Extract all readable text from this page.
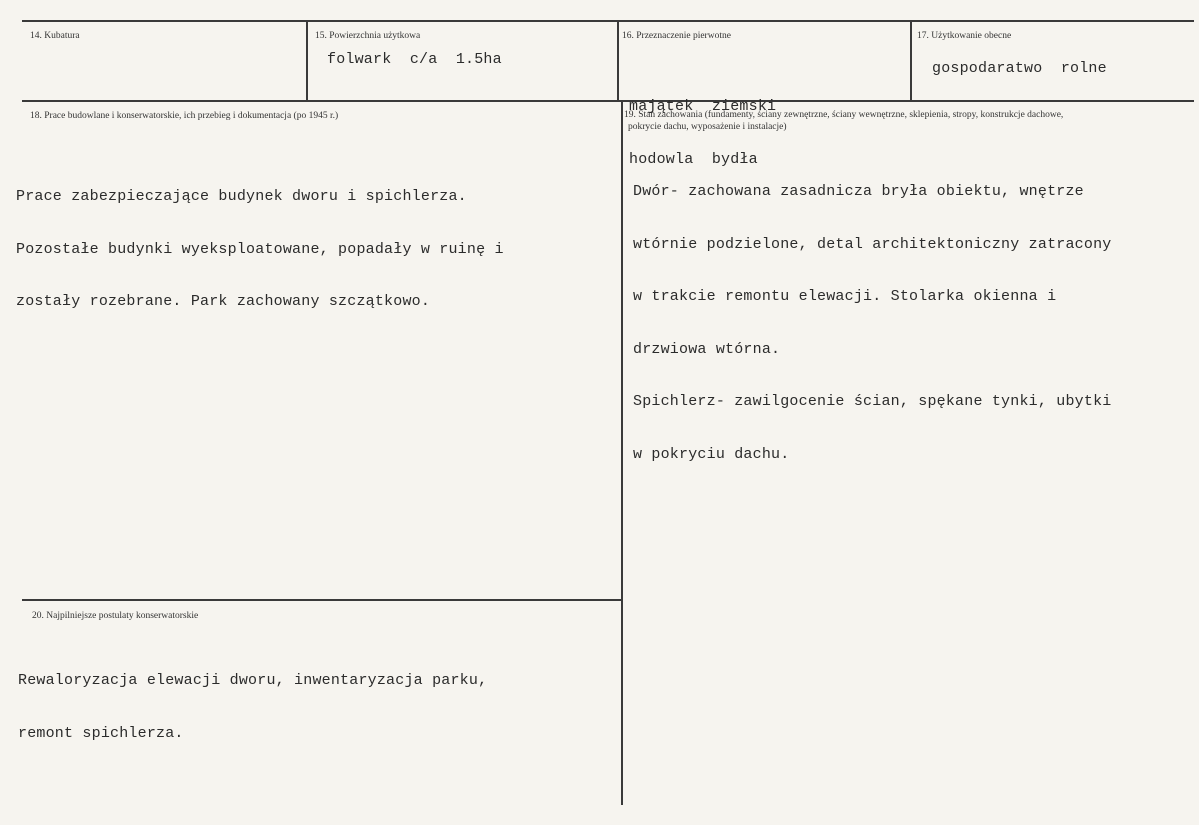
14. Kubatura	15. Powierzchnia użytkowa
folwark  c/a  1.5ha
16. Przeznaczenie pierwotne

majątek  ziemski

hodowla  bydła

17. Użytkowanie obecne
gospodaratwo  rolne
18. Prace budowlane i konserwatorskie, ich przebieg i dokumentacja (po 1945 r.)

Prace zabezpieczające budynek dworu i spichlerza.

Pozostałe budynki wyeksploatowane, popadały w ruinę i

zostały rozebrane. Park zachowany szczątkowo.

19. Stan zachowania (fundamenty, ściany zewnętrzne, ściany wewnętrzne, sklepienia, stropy, konstrukcje dachowe,
pokrycie dachu, wyposażenie i instalacje)

Dwór- zachowana zasadnicza bryła obiektu, wnętrze

wtórnie podzielone, detal architektoniczny zatracony

w trakcie remontu elewacji. Stolarka okienna i

drzwiowa wtórna.

Spichlerz- zawilgocenie ścian, spękane tynki, ubytki

w pokryciu dachu.

20. Najpilniejsze postulaty konserwatorskie

Rewaloryzacja elewacji dworu, inwentaryzacja parku,

remont spichlerza.
